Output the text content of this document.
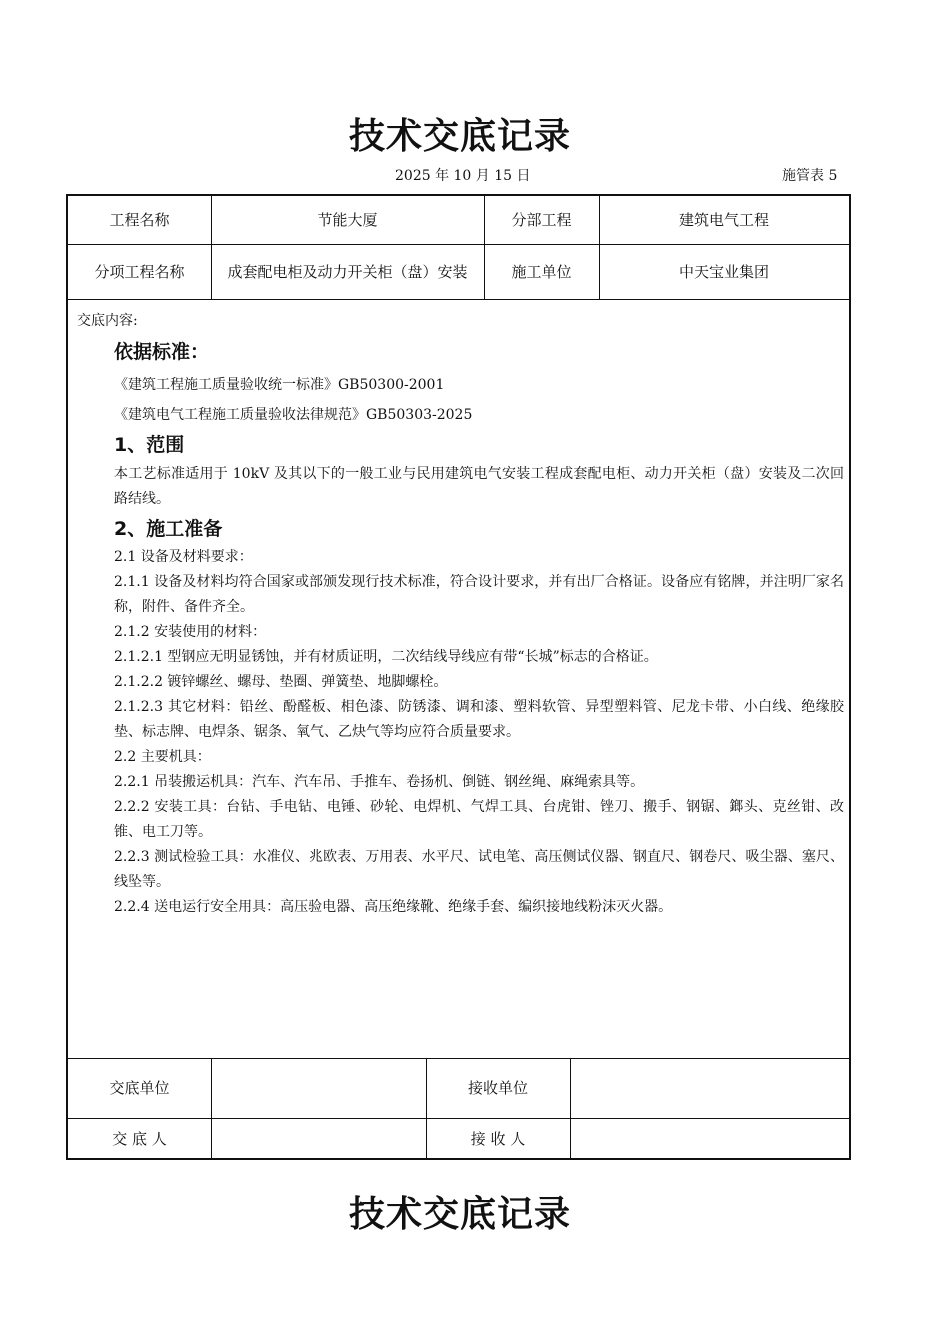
技术交底记录
2025 年 10 月 15 日	施管表 5
工程名称	节能大厦	分部工程	建筑电气工程
分项工程名称	成套配电柜及动力开关柜（盘）安装	施工单位	中天宝业集团
交底内容:
依据标准：
《建筑工程施工质量验收统一标准》GB50300-2001
《建筑电气工程施工质量验收法律规范》GB50303-2025
1、范围
本工艺标准适用于 10kV 及其以下的一般工业与民用建筑电气安装工程成套配电柜、动力开关柜（盘）安装及二次回路结线。
2、施工准备
2.1 设备及材料要求：
2.1.1 设备及材料均符合国家或部颁发现行技术标准，符合设计要求，并有出厂合格证。设备应有铭牌，并注明厂家名称，附件、备件齐全。
2.1.2 安装使用的材料：
2.1.2.1 型钢应无明显锈蚀，并有材质证明，二次结线导线应有带“长城”标志的合格证。
2.1.2.2 镀锌螺丝、螺母、垫圈、弹簧垫、地脚螺栓。
2.1.2.3 其它材料：铅丝、酚醛板、相色漆、防锈漆、调和漆、塑料软管、异型塑料管、尼龙卡带、小白线、绝缘胶垫、标志牌、电焊条、锯条、氧气、乙炔气等均应符合质量要求。
2.2 主要机具：
2.2.1 吊装搬运机具：汽车、汽车吊、手推车、卷扬机、倒链、钢丝绳、麻绳索具等。
2.2.2 安装工具：台钻、手电钻、电锤、砂轮、电焊机、气焊工具、台虎钳、锉刀、搬手、钢锯、鎯头、克丝钳、改锥、电工刀等。
2.2.3 测试检验工具：水准仪、兆欧表、万用表、水平尺、试电笔、高压侧试仪器、钢直尺、钢卷尺、吸尘器、塞尺、线坠等。
2.2.4 送电运行安全用具：高压验电器、高压绝缘靴、绝缘手套、编织接地线粉沫灭火器。
交底单位	接收单位
交 底 人	接 收 人
技术交底记录
